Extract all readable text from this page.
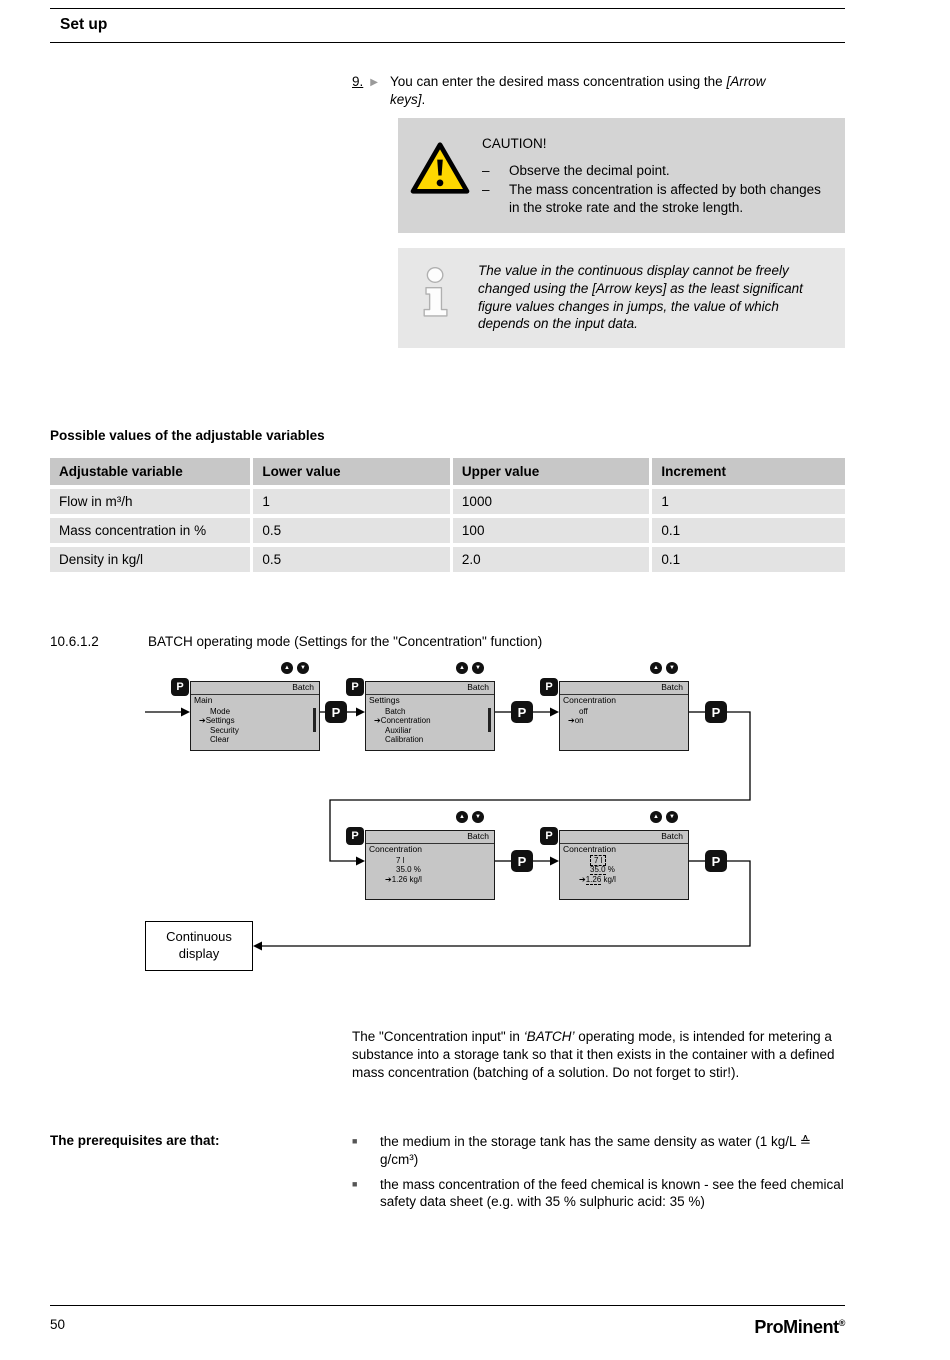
Set up
9. ▶ You can enter the desired mass concentration using the [Arrow keys].
CAUTION!
–	Observe the decimal point.
–	The mass concentration is affected by both changes in the stroke rate and the stroke length.
The value in the continuous display cannot be freely changed using the [Arrow keys] as the least significant figure values changes in jumps, the value of which depends on the input data.
Possible values of the adjustable variables
Adjustable variable	Lower value	Upper value	Increment
Flow in m³/h	1	1000	1
Mass concentration in %	0.5	100	0.1
Density in kg/l	0.5	2.0	0.1
10.6.1.2	BATCH operating mode (Settings for the "Concentration" function)
▲	▼	▲	▼	▲	▼
▲	▼	▲	▼
P	P	P
P	P
P	P	P
P	P
Batch
Main
Mode
➔Settings
Security
Clear
Batch
Settings
Batch
➔Concentration
Auxiliar
Calibration
Batch
Concentration
off
➔on
Batch
Concentration
7 l
35.0 %
➔1.26 kg/l
Batch
Concentration
7 l
35.0 %
➔1.26 kg/l
Continuous display

The "Concentration input" in ‘BATCH’ operating mode, is intended for metering a substance into a storage tank so that it then exists in the container with a defined mass concentration (batching of a solution. Do not forget to stir!).

The prerequisites are that:	■	the medium in the storage tank has the same density as water (1 kg/L ≙ g/cm³)
■	the mass concentration of the feed chemical is known - see the feed chemical safety data sheet (e.g. with 35 % sulphuric acid: 35 %)
50	ProMinent®
